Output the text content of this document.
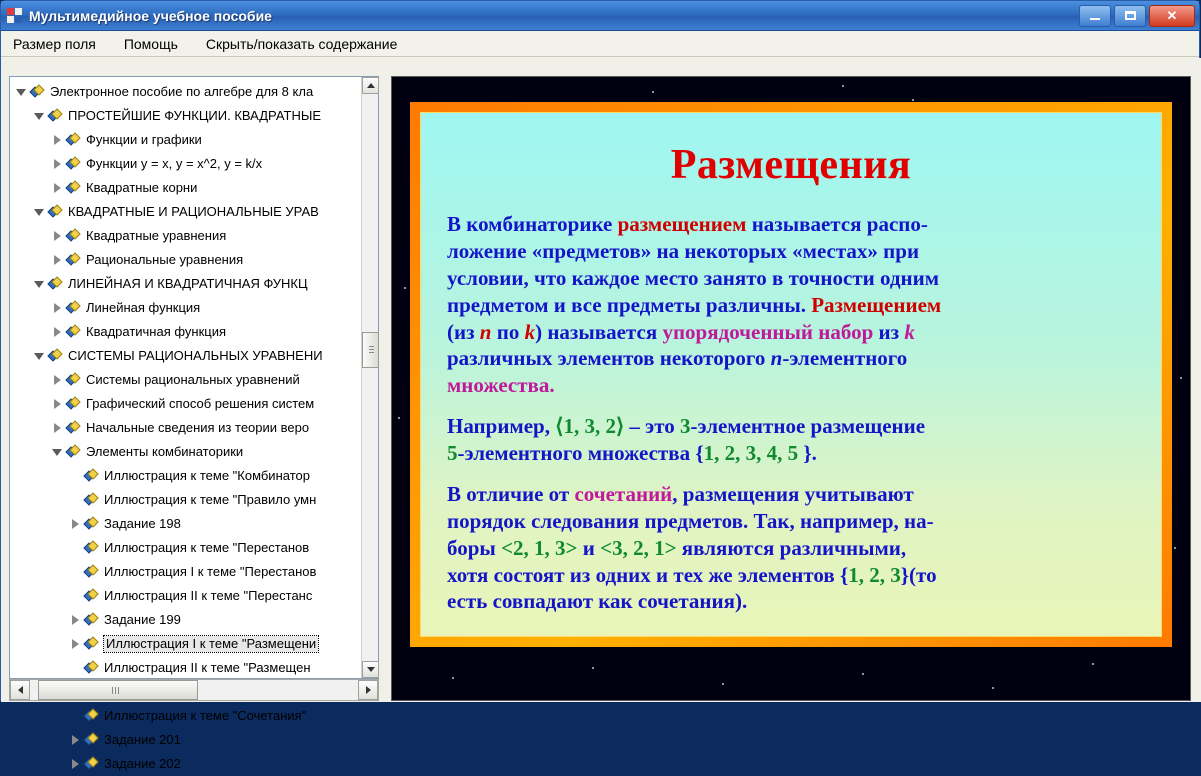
Мультимедийное учебное пособие	✕
Размер поля	Помощь	Скрыть/показать содержание
Электронное пособие по алгебре для 8 кла
ПРОСТЕЙШИЕ ФУНКЦИИ. КВАДРАТНЫЕ
Функции и графики
Функции y = x, y = x^2, y = k/x
Квадратные корни
КВАДРАТНЫЕ И РАЦИОНАЛЬНЫЕ УРАВ
Квадратные уравнения
Рациональные уравнения
ЛИНЕЙНАЯ И КВАДРАТИЧНАЯ ФУНКЦ
Линейная функция
Квадратичная функция
СИСТЕМЫ РАЦИОНАЛЬНЫХ УРАВНЕНИ
Системы рациональных уравнений
Графический способ решения систем
Начальные сведения из теории веро
Элементы комбинаторики
Иллюстрация к теме "Комбинатор
Иллюстрация к теме "Правило умн
Задание 198
Иллюстрация к теме "Перестанов
Иллюстрация I к теме "Перестанов
Иллюстрация II к теме "Перестанс
Задание 199
Иллюстрация I к теме "Размещени
Иллюстрация II к теме "Размещен
Иллюстрация к теме "Сочетания"
Задание 201
Задание 202
Размещения
В комбинаторике размещением называется распо-
ложение «предметов» на некоторых «местах» при
условии, что каждое место занято в точности одним
предметом и все предметы различны. Размещением
(из n по k) называется упорядоченный набор из k
различных элементов некоторого n-элементного
множества.
Например, ⟨1, 3, 2⟩ – это 3-элементное размещение
5-элементного множества {1, 2, 3, 4, 5 }.
В отличие от сочетаний, размещения учитывают
порядок следования предметов. Так, например, на-
боры <2, 1, 3> и <3, 2, 1> являются различными,
хотя состоят из одних и тех же элементов {1, 2, 3}(то
есть совпадают как сочетания).
